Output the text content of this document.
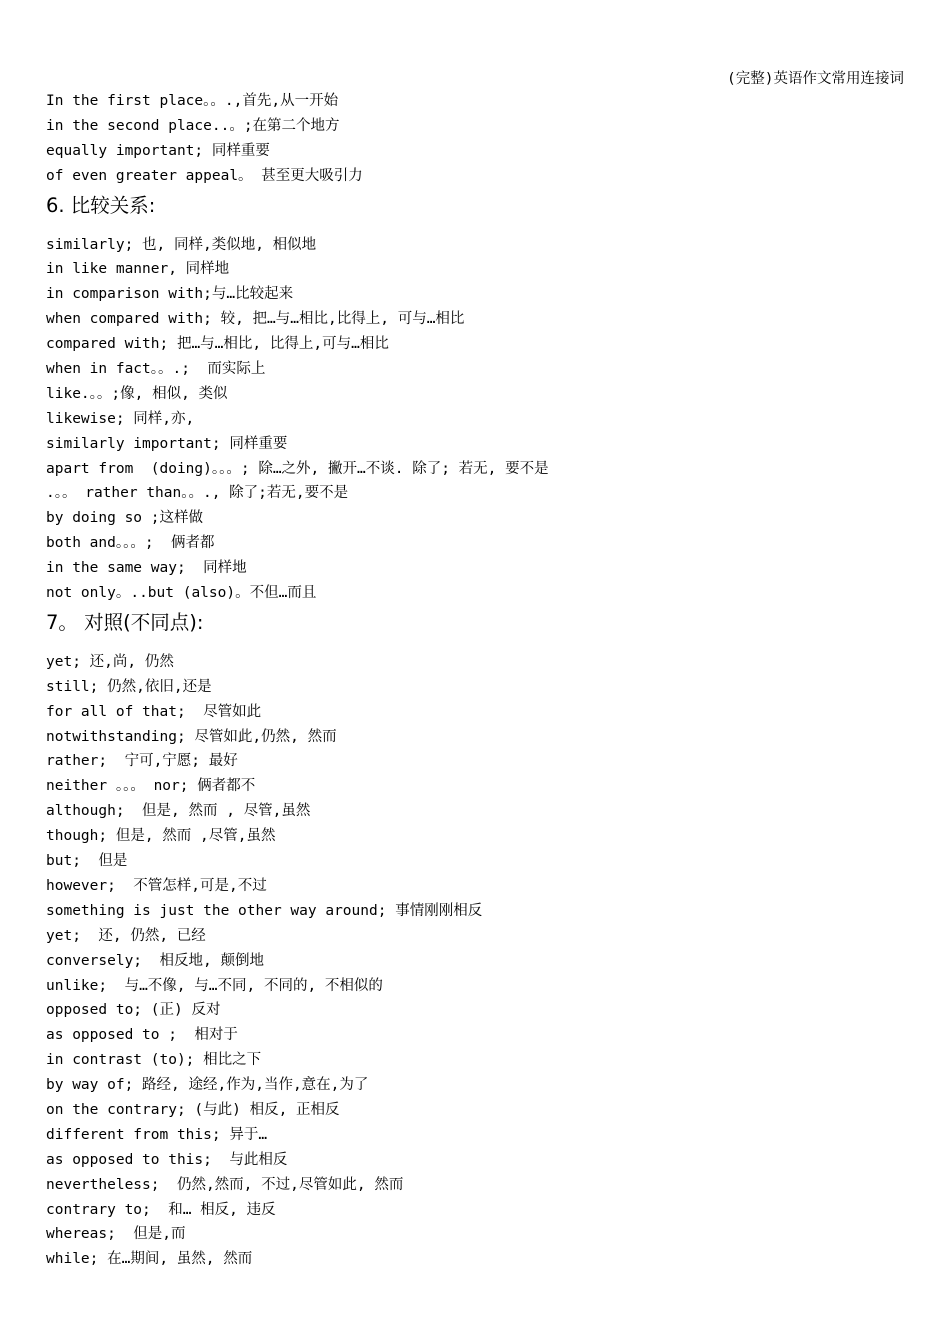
(完整)英语作文常用连接词
In the first place。。.,首先,从一开始
in the second place..。;在第二个地方
equally important; 同样重要
of even greater appeal。 甚至更大吸引力
6. 比较关系:
similarly; 也, 同样,类似地, 相似地
in like manner, 同样地
in comparison with;与…比较起来
when compared with; 较, 把…与…相比,比得上, 可与…相比
compared with; 把…与…相比, 比得上,可与…相比
when in fact。。.;  而实际上
like.。。;像, 相似, 类似
likewise; 同样,亦,
similarly important; 同样重要
apart from  (doing)。。。; 除…之外, 撇开…不谈. 除了; 若无, 要不是
.。。 rather than。。., 除了;若无,要不是
by doing so ;这样做
both and。。。;  俩者都
in the same way;  同样地
not only。..but (also)。不但…而且
7。 对照(不同点):
yet; 还,尚, 仍然
still; 仍然,依旧,还是
for all of that;  尽管如此
notwithstanding; 尽管如此,仍然, 然而
rather;  宁可,宁愿; 最好
neither 。。。 nor; 俩者都不
although;  但是, 然而 , 尽管,虽然
though; 但是, 然而 ,尽管,虽然
but;  但是
however;  不管怎样,可是,不过
something is just the other way around; 事情刚刚相反
yet;  还, 仍然, 已经
conversely;  相反地, 颠倒地
unlike;  与…不像, 与…不同, 不同的, 不相似的
opposed to; (正) 反对
as opposed to ;  相对于
in contrast (to); 相比之下
by way of; 路经, 途经,作为,当作,意在,为了
on the contrary; (与此) 相反, 正相反
different from this; 异于…
as opposed to this;  与此相反
nevertheless;  仍然,然而, 不过,尽管如此, 然而
contrary to;  和… 相反, 违反
whereas;  但是,而
while; 在…期间, 虽然, 然而
